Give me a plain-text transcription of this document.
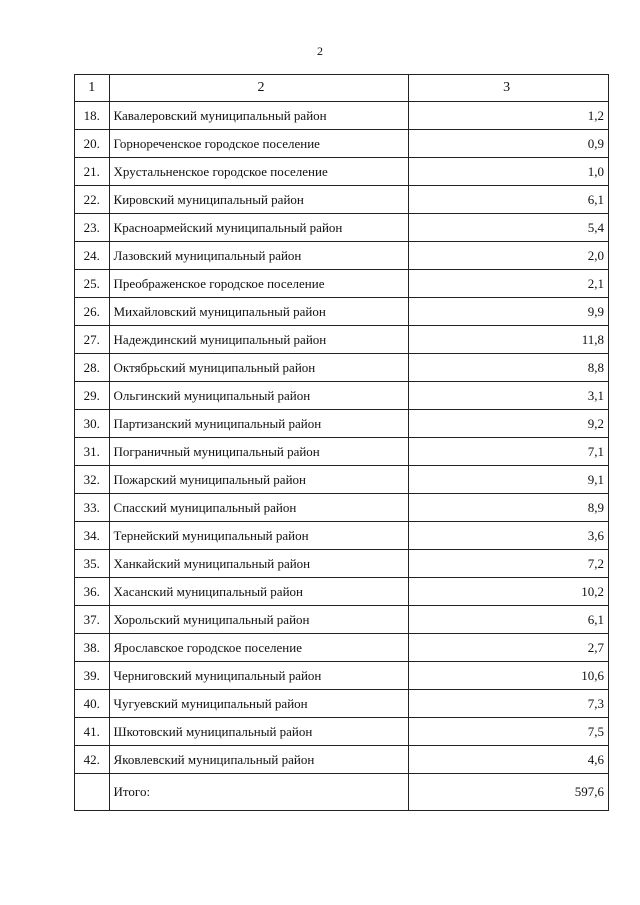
2
1	2	3
18.	Кавалеровский муниципальный район	1,2
20.	Горнореченское городское поселение	0,9
21.	Хрустальненское городское поселение	1,0
22.	Кировский муниципальный район	6,1
23.	Красноармейский муниципальный район	5,4
24.	Лазовский муниципальный район	2,0
25.	Преображенское городское поселение	2,1
26.	Михайловский муниципальный район	9,9
27.	Надеждинский муниципальный район	11,8
28.	Октябрьский муниципальный район	8,8
29.	Ольгинский муниципальный район	3,1
30.	Партизанский муниципальный район	9,2
31.	Пограничный муниципальный район	7,1
32.	Пожарский муниципальный район	9,1
33.	Спасский муниципальный район	8,9
34.	Тернейский муниципальный район	3,6
35.	Ханкайский муниципальный район	7,2
36.	Хасанский муниципальный район	10,2
37.	Хорольский муниципальный район	6,1
38.	Ярославское городское поселение	2,7
39.	Черниговский муниципальный район	10,6
40.	Чугуевский муниципальный район	7,3
41.	Шкотовский муниципальный район	7,5
42.	Яковлевский муниципальный район	4,6
	Итого:	597,6
